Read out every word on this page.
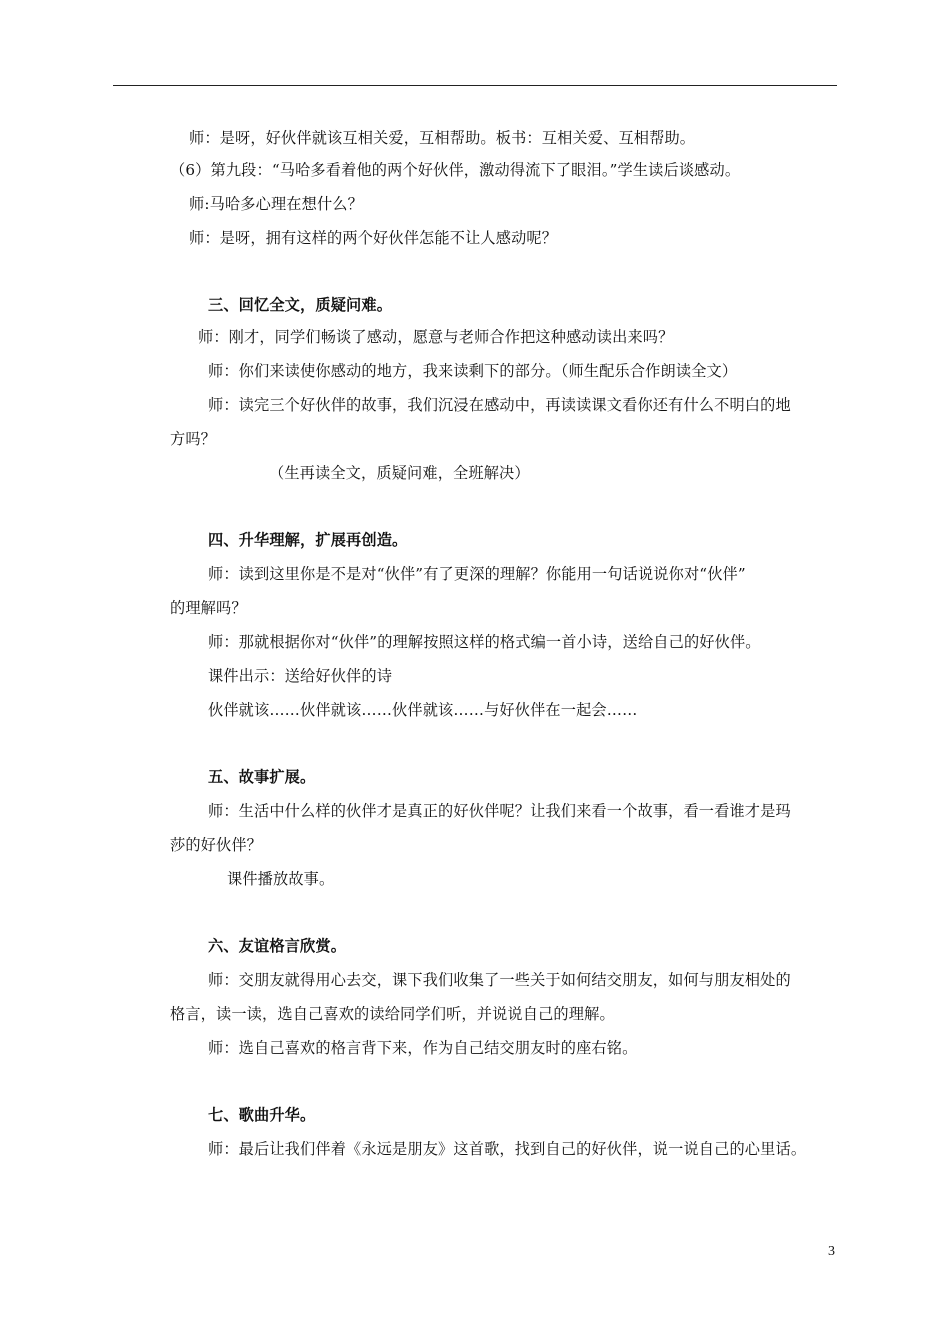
师：是呀，好伙伴就该互相关爱，互相帮助。板书：互相关爱、互相帮助。
（6）第九段：“马哈多看着他的两个好伙伴，激动得流下了眼泪。”学生读后谈感动。
师:马哈多心理在想什么？
师：是呀，拥有这样的两个好伙伴怎能不让人感动呢？
三、回忆全文，质疑问难。
师：刚才，同学们畅谈了感动，愿意与老师合作把这种感动读出来吗？
师：你们来读使你感动的地方，我来读剩下的部分。（师生配乐合作朗读全文）
师：读完三个好伙伴的故事，我们沉浸在感动中，再读读课文看你还有什么不明白的地
方吗？
（生再读全文，质疑问难，全班解决）
四、升华理解，扩展再创造。
师：读到这里你是不是对“伙伴”有了更深的理解？你能用一句话说说你对“伙伴”
的理解吗？
师：那就根据你对“伙伴”的理解按照这样的格式编一首小诗，送给自己的好伙伴。
课件出示：送给好伙伴的诗
伙伴就该……伙伴就该……伙伴就该……与好伙伴在一起会……
五、故事扩展。
师：生活中什么样的伙伴才是真正的好伙伴呢？让我们来看一个故事，看一看谁才是玛
莎的好伙伴？
课件播放故事。
六、友谊格言欣赏。
师：交朋友就得用心去交，课下我们收集了一些关于如何结交朋友，如何与朋友相处的
格言，读一读，选自己喜欢的读给同学们听，并说说自己的理解。
师：选自己喜欢的格言背下来，作为自己结交朋友时的座右铭。
七、歌曲升华。
师：最后让我们伴着《永远是朋友》这首歌，找到自己的好伙伴，说一说自己的心里话。
3
